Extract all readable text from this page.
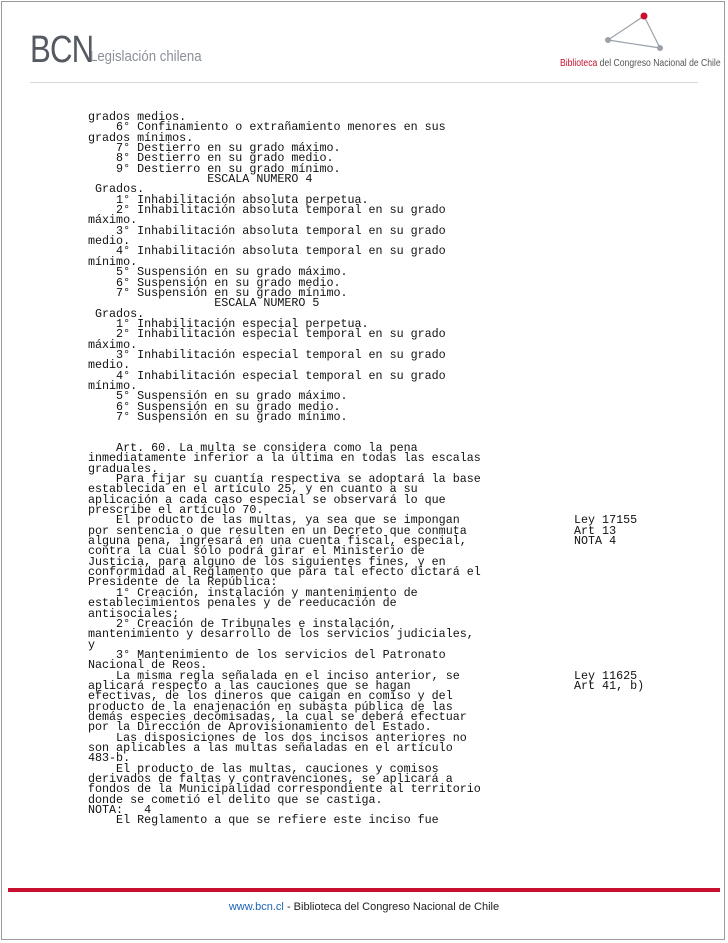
BCN
Legislación chilena	Biblioteca del Congreso Nacional de Chile
grados medios.
6° Confinamiento o extrañamiento menores en sus
grados mínimos.
7° Destierro en su grado máximo.
8° Destierro en su grado medio.
9° Destierro en su grado mínimo.
ESCALA NUMERO 4
Grados.
1° Inhabilitación absoluta perpetua.
2° Inhabilitación absoluta temporal en su grado
máximo.
3° Inhabilitación absoluta temporal en su grado
medio.
4° Inhabilitación absoluta temporal en su grado
mínimo.
5° Suspensión en su grado máximo.
6° Suspensión en su grado medio.
7° Suspensión en su grado mínimo.
ESCALA NUMERO 5
Grados.
1° Inhabilitación especial perpetua.
2° Inhabilitación especial temporal en su grado
máximo.
3° Inhabilitación especial temporal en su grado
medio.
4° Inhabilitación especial temporal en su grado
mínimo.
5° Suspensión en su grado máximo.
6° Suspensión en su grado medio.
7° Suspensión en su grado mínimo.
Art. 60. La multa se considera como la pena
inmediatamente inferior a la última en todas las escalas
graduales.
Para fijar su cuantía respectiva se adoptará la base
establecida en el artículo 25, y en cuanto a su
aplicación a cada caso especial se observará lo que
prescribe el artículo 70.
El producto de las multas, ya sea que se impongan	Ley 17155
por sentencia o que resulten en un Decreto que conmuta	Art 13
alguna pena, ingresará en una cuenta fiscal, especial,	NOTA 4
contra la cual sólo podrá girar el Ministerio de
Justicia, para alguno de los siguientes fines, y en
conformidad al Reglamento que para tal efecto dictará el
Presidente de la República:
1° Creación, instalación y mantenimiento de
establecimientos penales y de reeducación de
antisociales;
2° Creación de Tribunales e instalación,
mantenimiento y desarrollo de los servicios judiciales,
y
3° Mantenimiento de los servicios del Patronato
Nacional de Reos.
La misma regla señalada en el inciso anterior, se	Ley 11625
aplicará respecto a las cauciones que se hagan	Art 41, b)
efectivas, de los dineros que caigan en comiso y del
producto de la enajenación en subasta pública de las
demás especies decomisadas, la cual se deberá efectuar
por la Dirección de Aprovisionamiento del Estado.
Las disposiciones de los dos incisos anteriores no
son aplicables a las multas señaladas en el artículo
483-b.
El producto de las multas, cauciones y comisos
derivados de faltas y contravenciones, se aplicará a
fondos de la Municipalidad correspondiente al territorio
donde se cometió el delito que se castiga.
NOTA:   4
El Reglamento a que se refiere este inciso fue
www.bcn.cl - Biblioteca del Congreso Nacional de Chile
